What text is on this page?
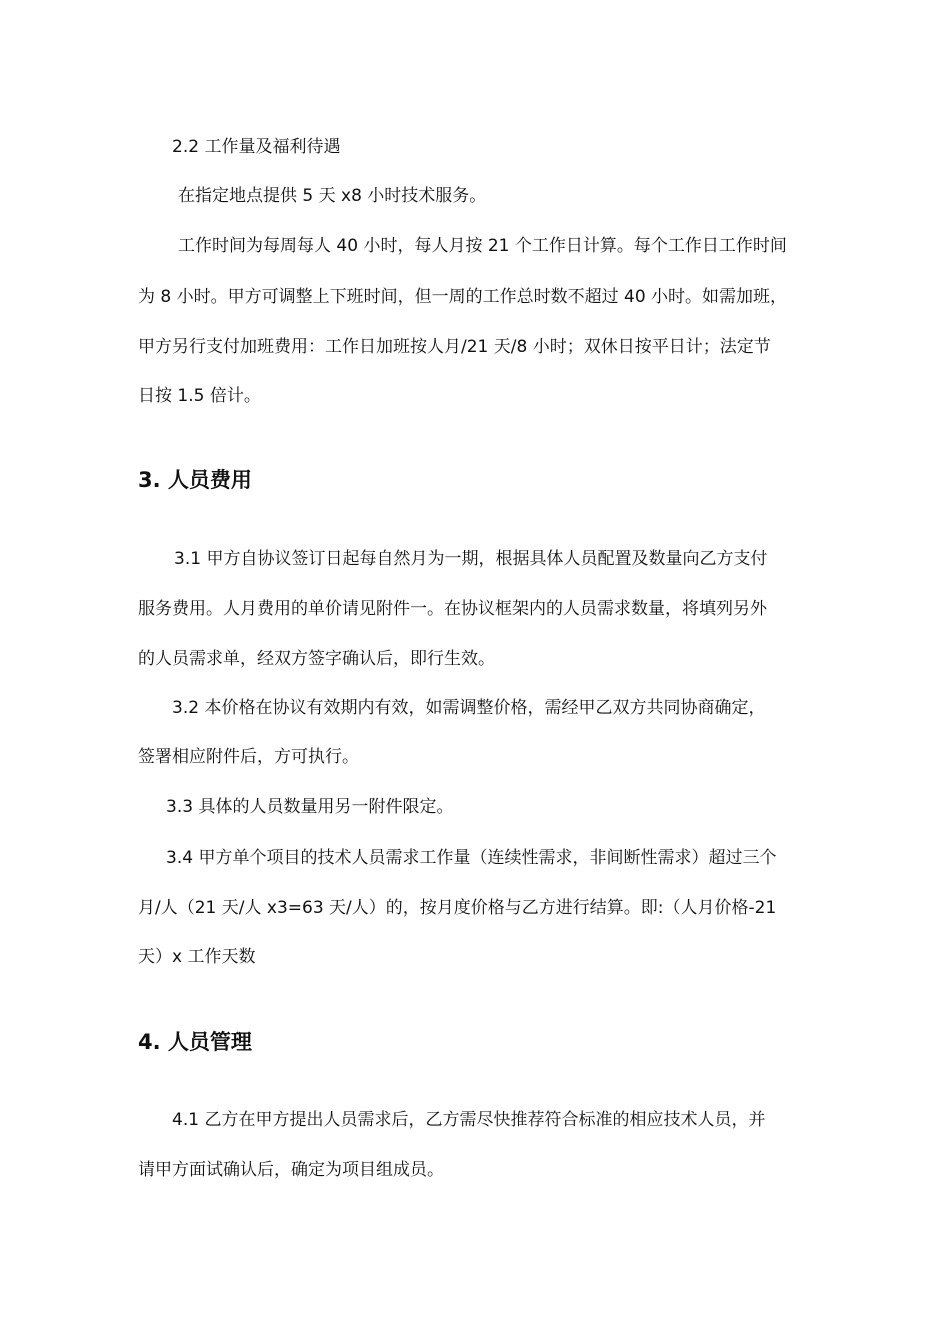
2.2 工作量及福利待遇
在指定地点提供 5 天 x8 小时技术服务。
工作时间为每周每人 40 小时，每人月按 21 个工作日计算。每个工作日工作时间
为 8 小时。甲方可调整上下班时间，但一周的工作总时数不超过 40 小时。如需加班，
甲方另行支付加班费用：工作日加班按人月/21 天/8 小时；双休日按平日计；法定节
日按 1.5 倍计。
3. 人员费用
3.1 甲方自协议签订日起每自然月为一期，根据具体人员配置及数量向乙方支付
服务费用。人月费用的单价请见附件一。在协议框架内的人员需求数量，将填列另外
的人员需求单，经双方签字确认后，即行生效。
3.2 本价格在协议有效期内有效，如需调整价格，需经甲乙双方共同协商确定，
签署相应附件后，方可执行。
3.3 具体的人员数量用另一附件限定。
3.4 甲方单个项目的技术人员需求工作量（连续性需求，非间断性需求）超过三个
月/人（21 天/人 x3=63 天/人）的，按月度价格与乙方进行结算。即:（人月价格-21
天）x 工作天数
4. 人员管理
4.1 乙方在甲方提出人员需求后，乙方需尽快推荐符合标准的相应技术人员，并
请甲方面试确认后，确定为项目组成员。
